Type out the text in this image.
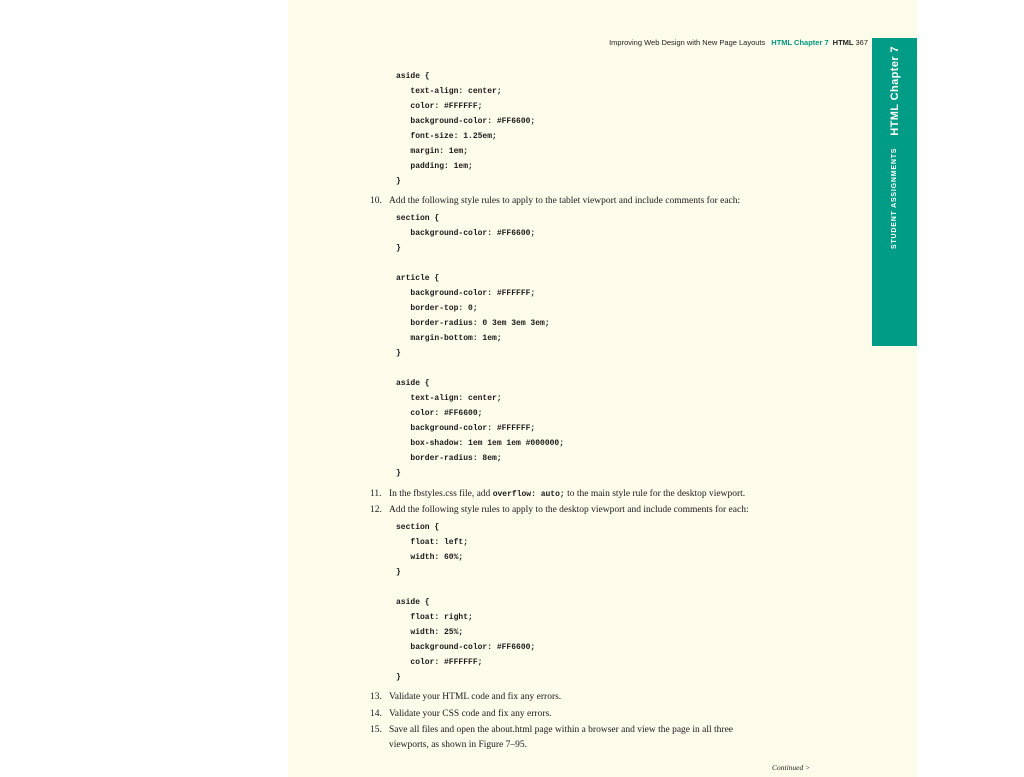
Improving Web Design with New Page Layouts HTML Chapter 7 HTML 367
STUDENT ASSIGNMENTS
HTML Chapter 7
aside {
text-align: center;
color: #FFFFFF;
background-color: #FF6600;
font-size: 1.25em;
margin: 1em;
padding: 1em;
}
10. Add the following style rules to apply to the tablet viewport and include comments for each:
section {
background-color: #FF6600;
}
article {
background-color: #FFFFFF;
border-top: 0;
border-radius: 0 3em 3em 3em;
margin-bottom: 1em;
}
aside {
text-align: center;
color: #FF6600;
background-color: #FFFFFF;
box-shadow: 1em 1em 1em #000000;
border-radius: 8em;
}
11. In the fbstyles.css file, add overflow: auto; to the main style rule for the desktop viewport.
12. Add the following style rules to apply to the desktop viewport and include comments for each:
section {
float: left;
width: 60%;
}
aside {
float: right;
width: 25%;
background-color: #FF6600;
color: #FFFFFF;
}
13. Validate your HTML code and fix any errors.
14. Validate your CSS code and fix any errors.
15. Save all files and open the about.html page within a browser and view the page in all three
viewports, as shown in Figure 7–95.
Continued >
